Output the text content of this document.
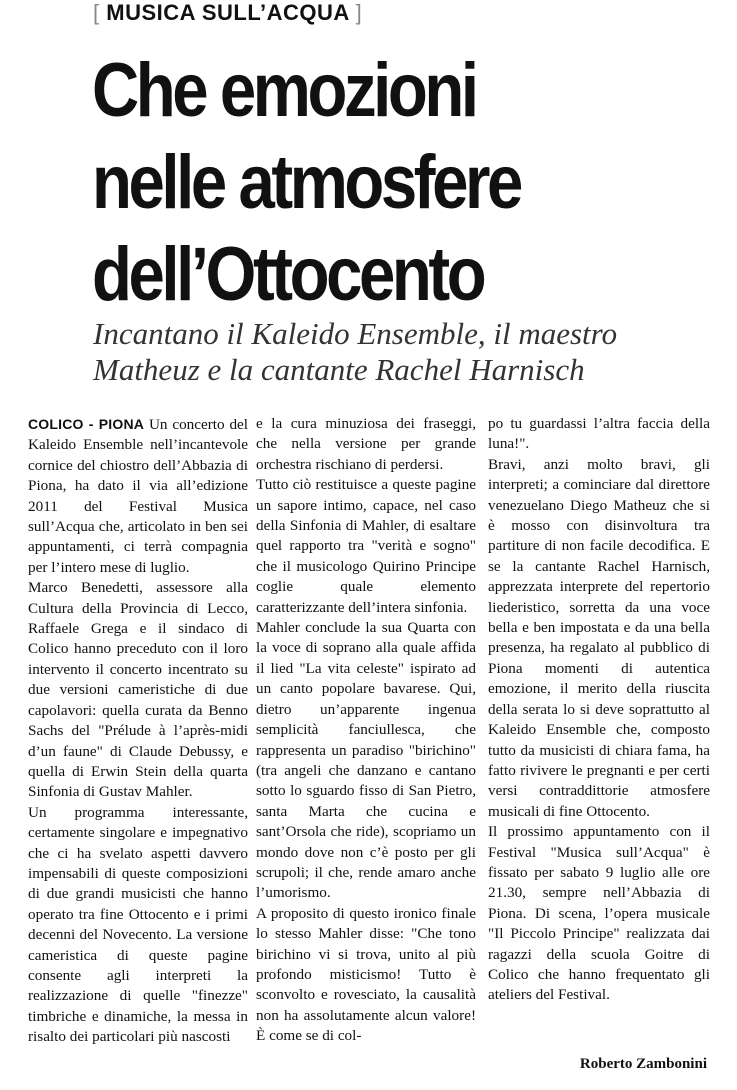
[ MUSICA SULL’ACQUA ]
Che emozioni
nelle atmosfere
dell’Ottocento
Incantano il Kaleido Ensemble, il maestro
Matheuz e la cantante Rachel Harnisch

COLICO - PIONA Un concerto del Kaleido Ensemble nell’incantevole cornice del chiostro dell’Abbazia di Piona, ha dato il via all’edizione 2011 del Festival Musica sull’Acqua che, articolato in ben sei appuntamenti, ci terrà compagnia per l’intero mese di luglio.

Marco Benedetti, assessore alla Cultura della Provincia di Lecco, Raffaele Grega e il sindaco di Colico hanno preceduto con il loro intervento il concerto incentrato su due versioni cameristiche di due capolavori: quella curata da Benno Sachs del "Prélude à l’après-midi d’un faune" di Claude Debussy, e quella di Erwin Stein della quarta Sinfonia di Gustav Mahler.

Un programma interessante, certamente singolare e impegnativo che ci ha svelato aspetti davvero impensabili di queste composizioni di due grandi musicisti che hanno operato tra fine Ottocento e i primi decenni del Novecento. La versione cameristica di queste pagine consente agli interpreti la realizzazione di quelle "finezze" timbriche e dinamiche, la messa in risalto dei particolari più nascosti

e la cura minuziosa dei fraseggi, che nella versione per grande orchestra rischiano di perdersi.

Tutto ciò restituisce a queste pagine un sapore intimo, capace, nel caso della Sinfonia di Mahler, di esaltare quel rapporto tra "verità e sogno" che il musicologo Quirino Principe coglie quale elemento caratterizzante dell’intera sinfonia.

Mahler conclude la sua Quarta con la voce di soprano alla quale affida il lied "La vita celeste" ispirato ad un canto popolare bavarese. Qui, dietro un’apparente ingenua semplicità fanciullesca, che rappresenta un paradiso "birichino" (tra angeli che danzano e cantano sotto lo sguardo fisso di San Pietro, santa Marta che cucina e sant’Orsola che ride), scopriamo un mondo dove non c’è posto per gli scrupoli; il che, rende amaro anche l’umorismo.

A proposito di questo ironico finale lo stesso Mahler disse: "Che tono birichino vi si trova, unito al più profondo misticismo! Tutto è sconvolto e rovesciato, la causalità non ha assolutamente alcun valore! È come se di col-

po tu guardassi l’altra faccia della luna!".

Bravi, anzi molto bravi, gli interpreti; a cominciare dal direttore venezuelano Diego Matheuz che si è mosso con disinvoltura tra partiture di non facile decodifica. E se la cantante Rachel Harnisch, apprezzata interprete del repertorio liederistico, sorretta da una voce bella e ben impostata e da una bella presenza, ha regalato al pubblico di Piona momenti di autentica emozione, il merito della riuscita della serata lo si deve soprattutto al Kaleido Ensemble che, composto tutto da musicisti di chiara fama, ha fatto rivivere le pregnanti e per certi versi contraddittorie atmosfere musicali di fine Ottocento.

Il prossimo appuntamento con il Festival "Musica sull’Acqua" è fissato per sabato 9 luglio alle ore 21.30, sempre nell’Abbazia di Piona. Di scena, l’opera musicale "Il Piccolo Principe" realizzata dai ragazzi della scuola Goitre di Colico che hanno frequentato gli ateliers del Festival.

Roberto Zambonini
